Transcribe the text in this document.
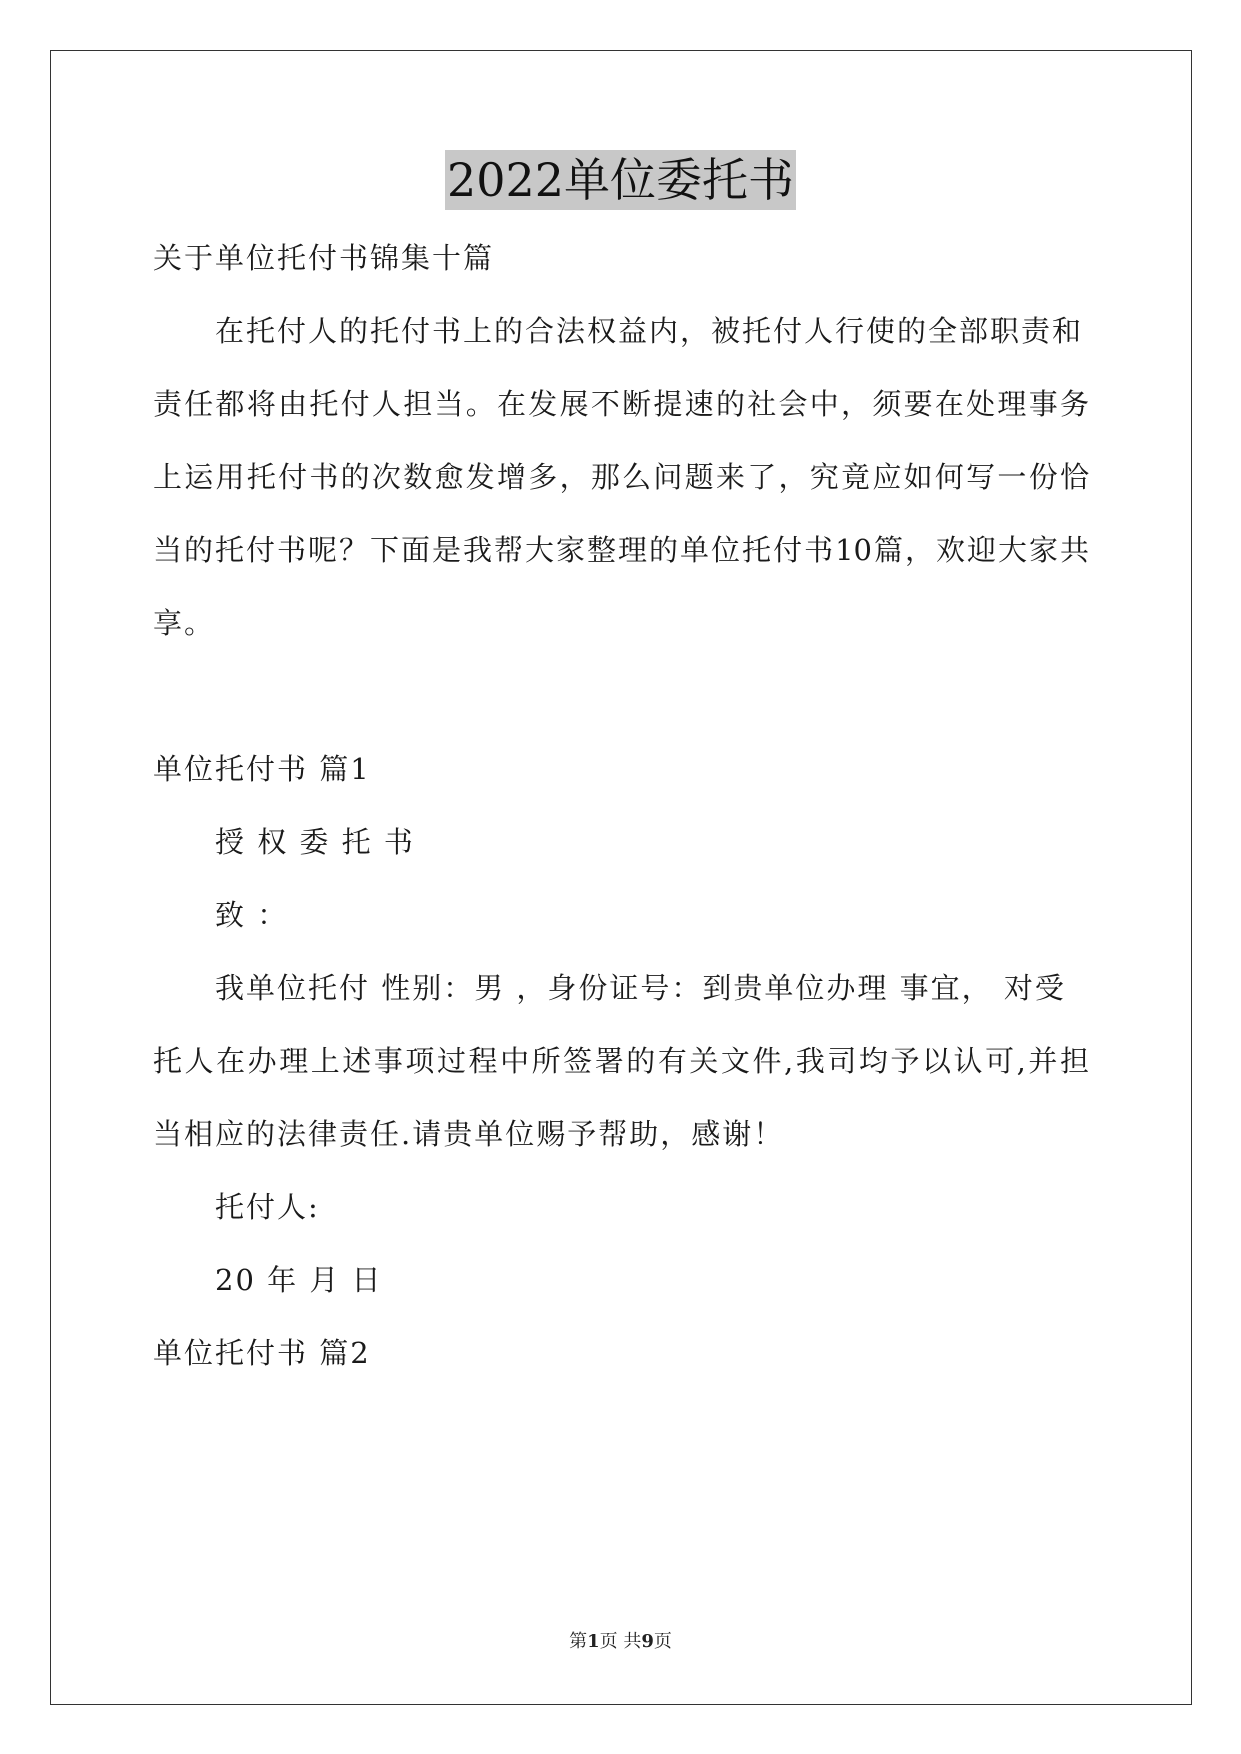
2022单位委托书
关于单位托付书锦集十篇
在托付人的托付书上的合法权益内，被托付人行使的全部职责和
责任都将由托付人担当。在发展不断提速的社会中，须要在处理事务
上运用托付书的次数愈发增多，那么问题来了，究竟应如何写一份恰
当的托付书呢？下面是我帮大家整理的单位托付书10篇，欢迎大家共
享。
单位托付书 篇1
授 权 委 托 书
致 ：
我单位托付 性别：男 ，身份证号：到贵单位办理 事宜， 对受
托人在办理上述事项过程中所签署的有关文件,我司均予以认可,并担
当相应的法律责任.请贵单位赐予帮助，感谢！
托付人:
20 年 月 日
单位托付书 篇2
第1页 共9页
